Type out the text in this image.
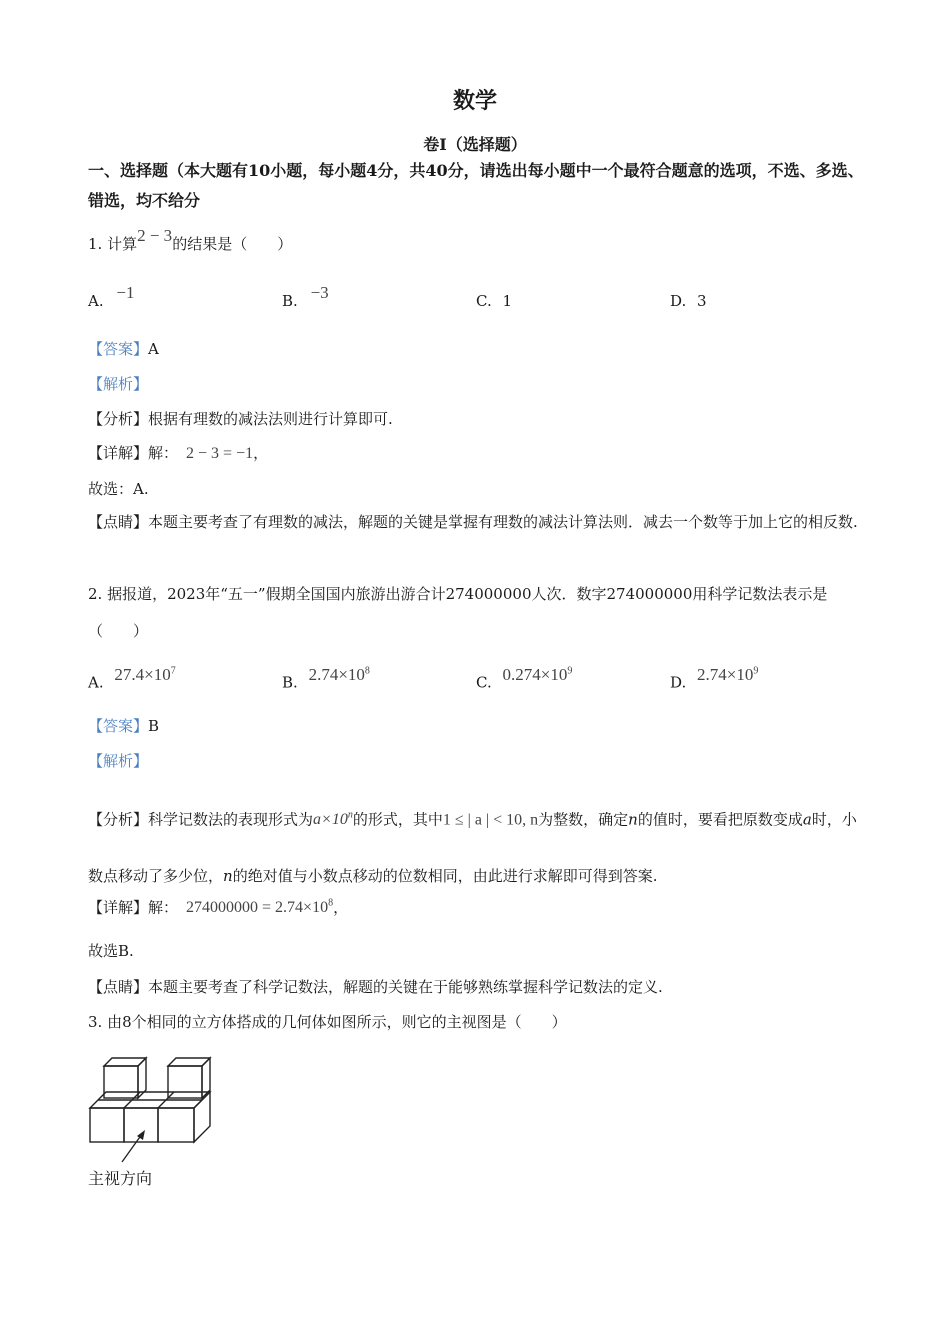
数学
卷Ⅰ（选择题）
一、选择题（本大题有10小题，每小题4分，共40分，请选出每小题中一个最符合题意的选项，不选、多选、错选，均不给分
1. 计算2 − 3的结果是（　　）
A. −1	B. −3	C. 1	D. 3
【答案】A
【解析】
【分析】根据有理数的减法法则进行计算即可.
【详解】解： 2 − 3 = −1，
故选：A.
【点睛】本题主要考查了有理数的减法，解题的关键是掌握有理数的减法计算法则．减去一个数等于加上它的相反数.
2. 据报道，2023年“五一”假期全国国内旅游出游合计274000000人次．数字274000000用科学记数法表示是（　　）
A. $27.4\times 10^7$
B. $2.74\times 10^8$
C. $0.274\times 10^9$
D. $2.74\times 10^9$
【答案】B
【解析】
【分析】科学记数法的表现形式为$a\times 10^n$的形式，其中1 ≤ | a | < 10, n为整数，确定n的值时，要看把原数变成a时，小数点移动了多少位，n的绝对值与小数点移动的位数相同，由此进行求解即可得到答案.
【详解】解： $274000000 = 2.74\times 10^8$，
故选B.
【点睛】本题主要考查了科学记数法，解题的关键在于能够熟练掌握科学记数法的定义.
3. 由8个相同的立方体搭成的几何体如图所示，则它的主视图是（　　）
主视方向
